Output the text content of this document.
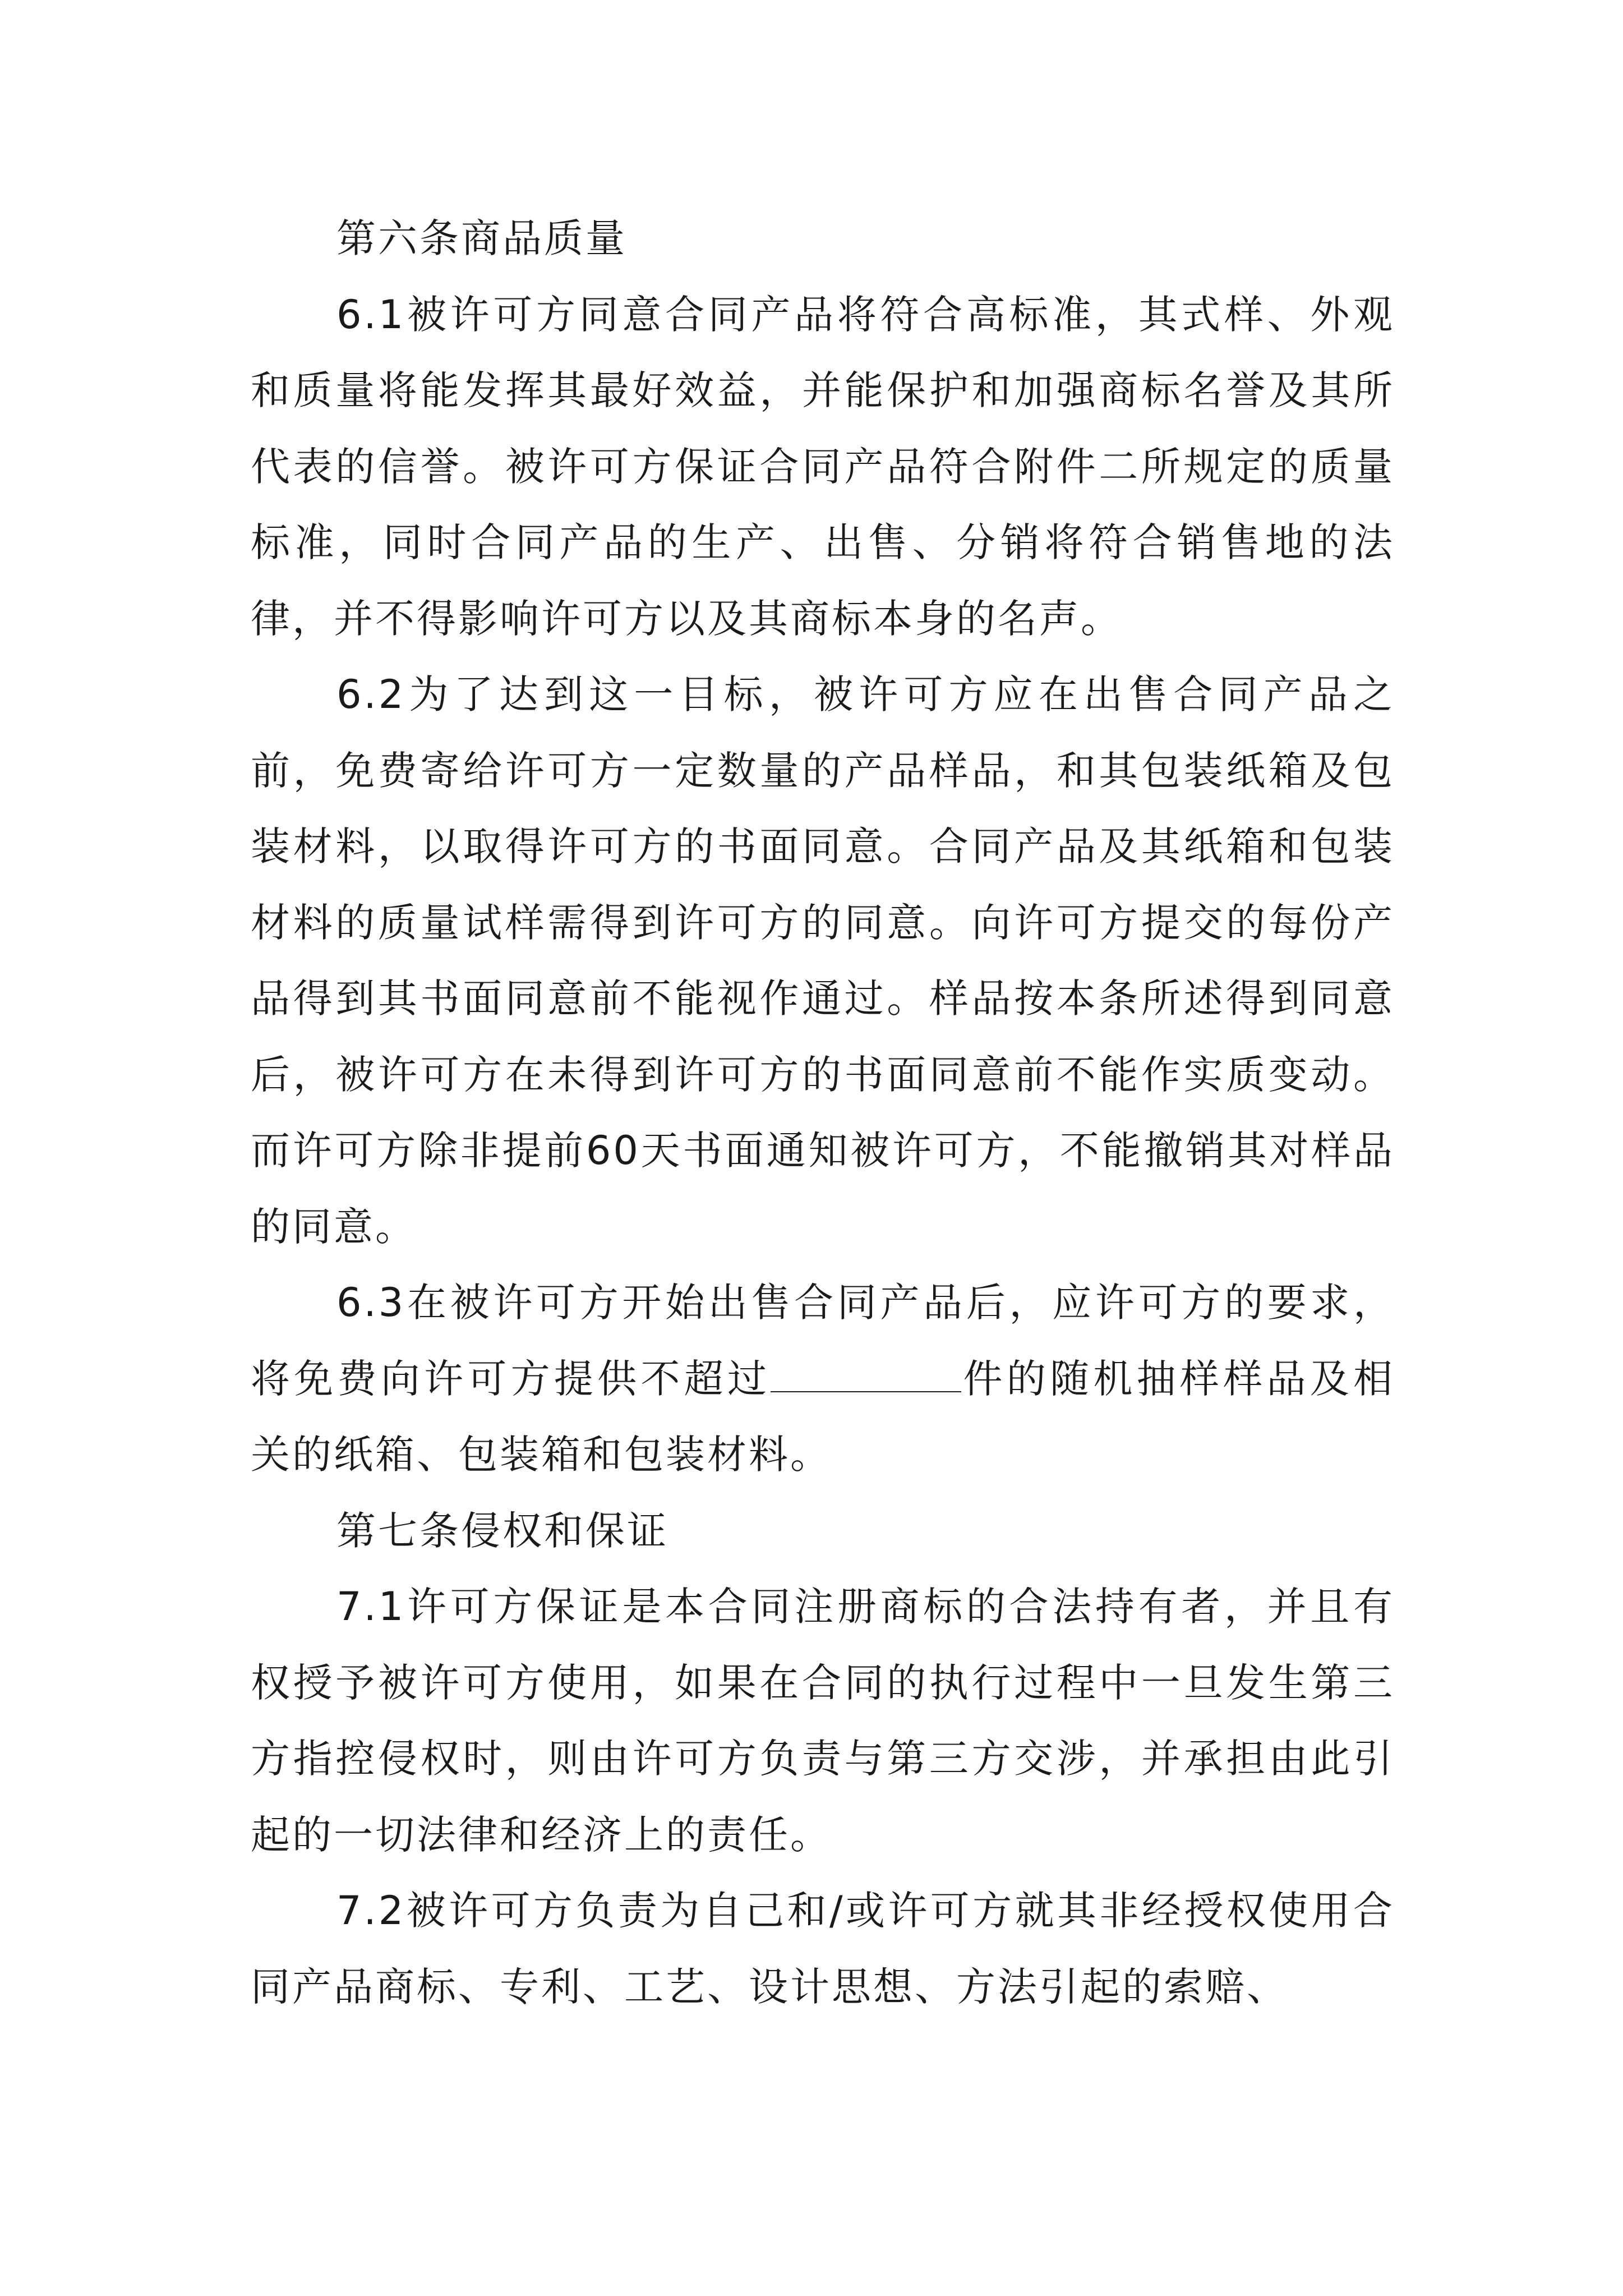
第六条商品质量

6.1被许可方同意合同产品将符合高标准，其式样、外观和质量将能发挥其最好效益，并能保护和加强商标名誉及其所代表的信誉。被许可方保证合同产品符合附件二所规定的质量标准，同时合同产品的生产、出售、分销将符合销售地的法律，并不得影响许可方以及其商标本身的名声。

6.2为了达到这一目标，被许可方应在出售合同产品之前，免费寄给许可方一定数量的产品样品，和其包装纸箱及包装材料，以取得许可方的书面同意。合同产品及其纸箱和包装材料的质量试样需得到许可方的同意。向许可方提交的每份产品得到其书面同意前不能视作通过。样品按本条所述得到同意后，被许可方在未得到许可方的书面同意前不能作实质变动。而许可方除非提前60天书面通知被许可方，不能撤销其对样品的同意。

6.3在被许可方开始出售合同产品后，应许可方的要求，将免费向许可方提供不超过	件的随机抽样样品及相关的纸箱、包装箱和包装材料。

第七条侵权和保证

7.1许可方保证是本合同注册商标的合法持有者，并且有权授予被许可方使用，如果在合同的执行过程中一旦发生第三方指控侵权时，则由许可方负责与第三方交涉，并承担由此引起的一切法律和经济上的责任。

7.2被许可方负责为自己和/或许可方就其非经授权使用合同产品商标、专利、工艺、设计思想、方法引起的索赔、
